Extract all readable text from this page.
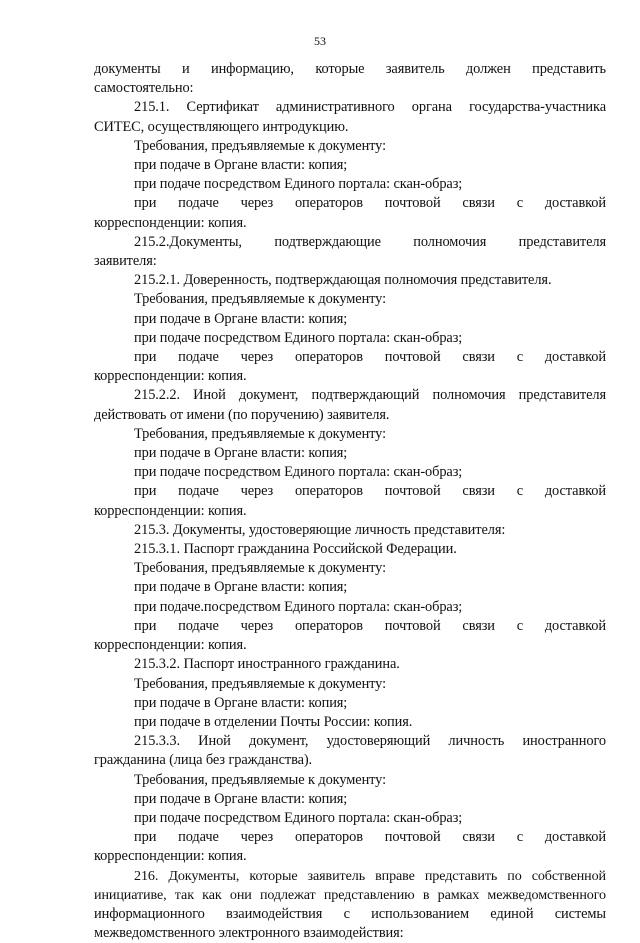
53

документы и информацию, которые заявитель должен представить

самостоятельно:

215.1. Сертификат административного органа государства-участника

СИТЕС, осуществляющего интродукцию.

Требования, предъявляемые к документу:

при подаче в Органе власти: копия;

при подаче посредством Единого портала: скан-образ;

при подаче через операторов почтовой связи с доставкой

корреспонденции: копия.

215.2.Документы, подтверждающие полномочия представителя

заявителя:

215.2.1. Доверенность, подтверждающая полномочия представителя.

Требования, предъявляемые к документу:

при подаче в Органе власти: копия;

при подаче посредством Единого портала: скан-образ;

при подаче через операторов почтовой связи с доставкой

корреспонденции: копия.

215.2.2. Иной документ, подтверждающий полномочия представителя

действовать от имени (по поручению) заявителя.

Требования, предъявляемые к документу:

при подаче в Органе власти: копия;

при подаче посредством Единого портала: скан-образ;

при подаче через операторов почтовой связи с доставкой

корреспонденции: копия.

215.3. Документы, удостоверяющие личность представителя:

215.3.1. Паспорт гражданина Российской Федерации.

Требования, предъявляемые к документу:

при подаче в Органе власти: копия;

при подаче.посредством Единого портала: скан-образ;

при подаче через операторов почтовой связи с доставкой

корреспонденции: копия.

215.3.2. Паспорт иностранного гражданина.

Требования, предъявляемые к документу:

при подаче в Органе власти: копия;

при подаче в отделении Почты России: копия.

215.3.3. Иной документ, удостоверяющий личность иностранного

гражданина (лица без гражданства).

Требования, предъявляемые к документу:

при подаче в Органе власти: копия;

при подаче посредством Единого портала: скан-образ;

при подаче через операторов почтовой связи с доставкой

корреспонденции: копия.

216. Документы, которые заявитель вправе представить по собственной

инициативе, так как они подлежат представлению в рамках межведомственного

информационного взаимодействия с использованием единой системы

межведомственного электронного взаимодействия:
